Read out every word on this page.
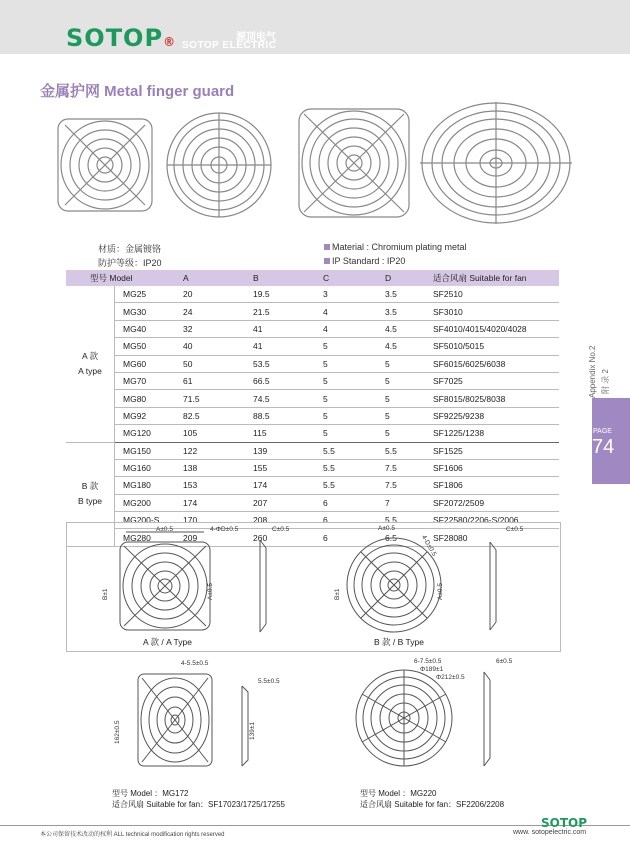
SOTOP®	源顶电气
SOTOP ELECTRIC
金属护网 Metal finger guard
材质：金属镀铬
防护等级：IP20
Material : Chromium plating metal
IP Standard : IP20
型号 Model		A	B	C	D	适合风扇 Suitable for fan

A 款
A type	MG25	20	19.5	3	3.5	SF2510
	MG30	24	21.5	4	3.5	SF3010
	MG40	32	41	4	4.5	SF4010/4015/4020/4028
	MG50	40	41	5	4.5	SF5010/5015
	MG60	50	53.5	5	5	SF6015/6025/6038
	MG70	61	66.5	5	5	SF7025
	MG80	71.5	74.5	5	5	SF8015/8025/8038
	MG92	82.5	88.5	5	5	SF9225/9238
	MG120	105	115	5	5	SF1225/1238

B 款
B type	MG150	122	139	5.5	5.5	SF1525
	MG160	138	155	5.5	7.5	SF1606
	MG180	153	174	5.5	7.5	SF1806
	MG200	174	207	6	7	SF2072/2509
	MG200-S	170	208	6	5.5	SF22580/2206-S/2006
	MG280	209	260	6	6.5	SF28080
Appendix No.2 附 录 2
PAGE
74
A±0.5	4-ΦD±0.5	C±0.5
B±1	A±0.5
A 款 / A Type
A±0.5
4-D±0.5
C±0.5
B±1	A±0.5
B 款 / B Type
4-5.5±0.5
5.5±0.5
162±0.5	139±1
型号 Model ：MG172
适合风扇 Suitable for fan：SF17023/1725/17255
6-7.5±0.5
Φ189±1
Φ212±0.5
6±0.5
型号 Model ：MG220
适合风扇 Suitable for fan：SF2206/2208
SOTOP
本公司保留技术改动的权利 ALL technical modification rights reserved	www. sotopelectric.com
